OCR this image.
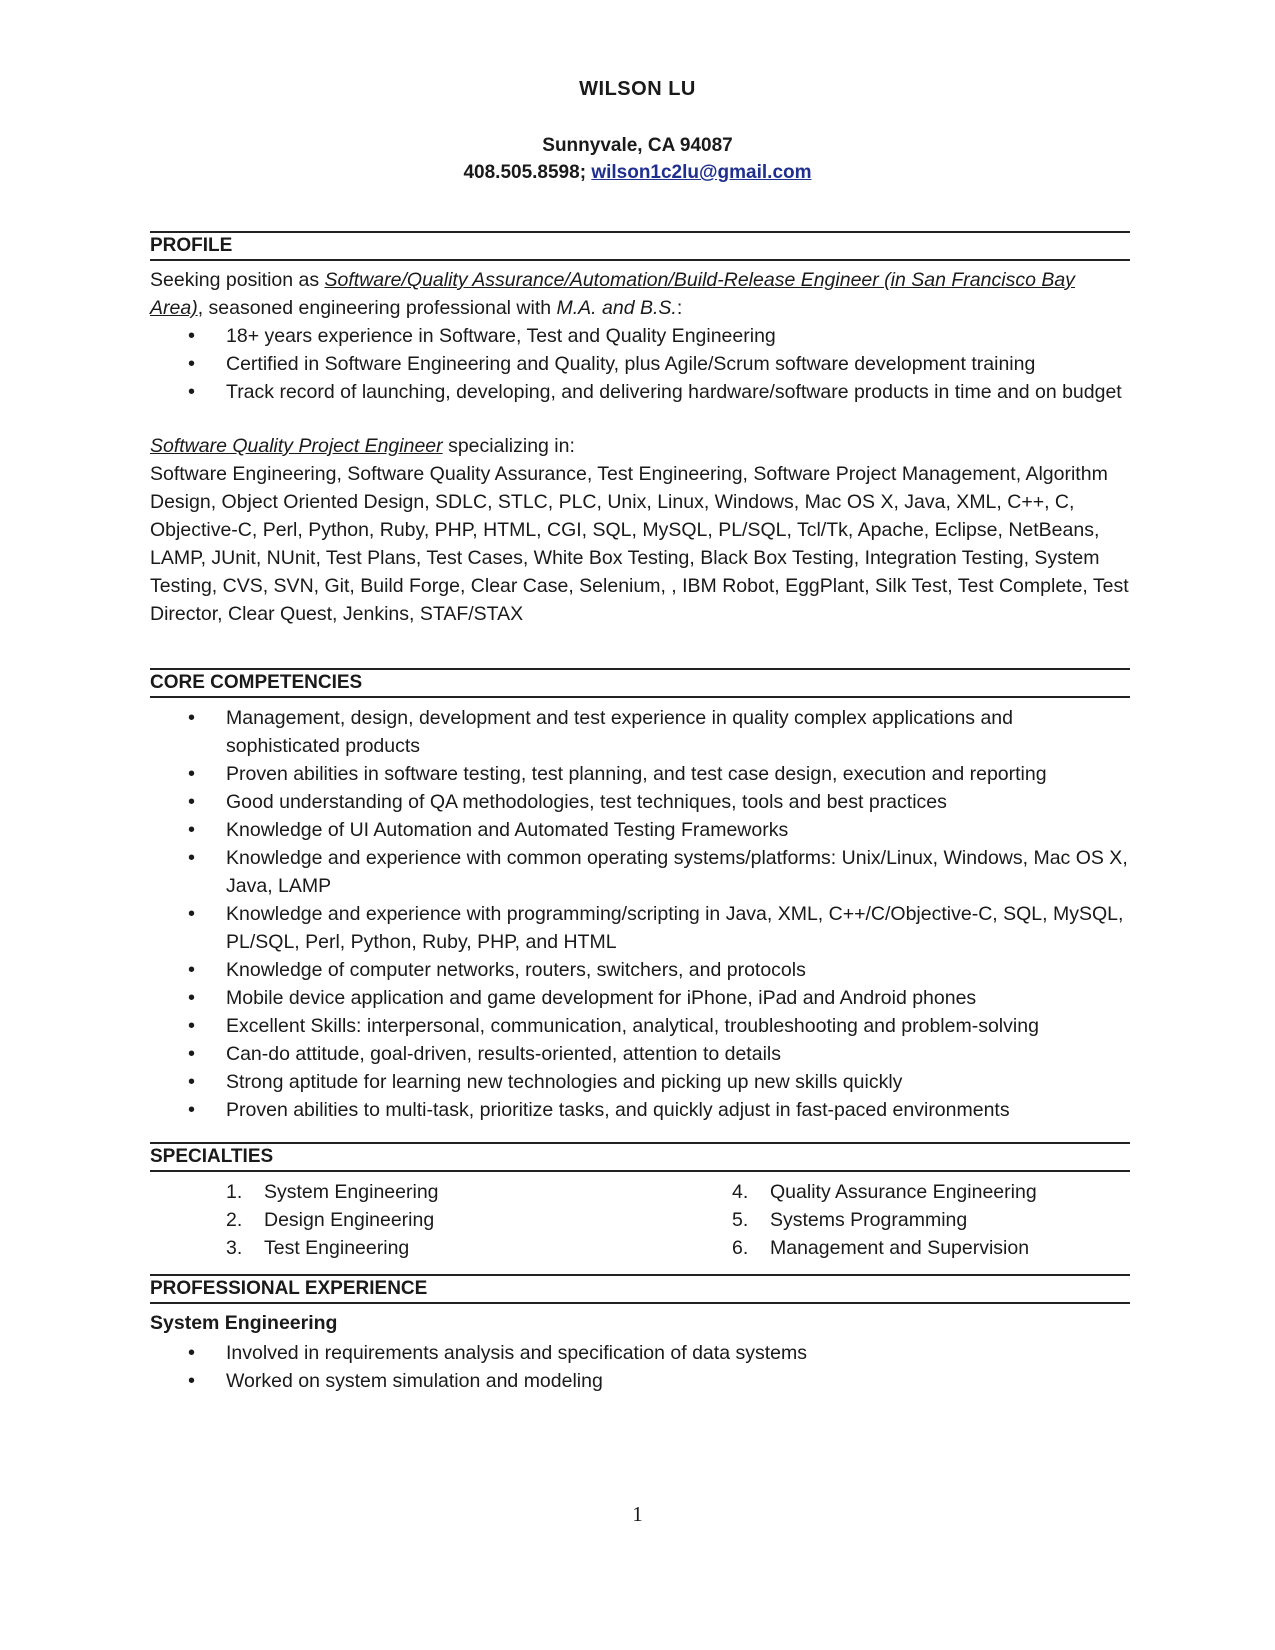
WILSON LU
Sunnyvale, CA 94087
408.505.8598; wilson1c2lu@gmail.com
PROFILE
Seeking position as Software/Quality Assurance/Automation/Build-Release Engineer (in San Francisco Bay Area), seasoned engineering professional with M.A. and B.S.:
• 18+ years experience in Software, Test and Quality Engineering
• Certified in Software Engineering and Quality, plus Agile/Scrum software development training
• Track record of launching, developing, and delivering hardware/software products in time and on budget
Software Quality Project Engineer specializing in:
Software Engineering, Software Quality Assurance, Test Engineering, Software Project Management, Algorithm Design, Object Oriented Design, SDLC, STLC, PLC, Unix, Linux, Windows, Mac OS X, Java, XML, C++, C, Objective-C, Perl, Python, Ruby, PHP, HTML, CGI, SQL, MySQL, PL/SQL, Tcl/Tk, Apache, Eclipse, NetBeans, LAMP, JUnit, NUnit, Test Plans, Test Cases, White Box Testing, Black Box Testing, Integration Testing, System Testing, CVS, SVN, Git, Build Forge, Clear Case, Selenium, , IBM Robot, EggPlant, Silk Test, Test Complete, Test Director, Clear Quest, Jenkins, STAF/STAX
CORE COMPETENCIES
• Management, design, development and test experience in quality complex applications and sophisticated products
• Proven abilities in software testing, test planning, and test case design, execution and reporting
• Good understanding of QA methodologies, test techniques, tools and best practices
• Knowledge of UI Automation and Automated Testing Frameworks
• Knowledge and experience with common operating systems/platforms: Unix/Linux, Windows, Mac OS X, Java, LAMP
• Knowledge and experience with programming/scripting in Java, XML, C++/C/Objective-C, SQL, MySQL, PL/SQL, Perl, Python, Ruby, PHP, and HTML
• Knowledge of computer networks, routers, switchers, and protocols
• Mobile device application and game development for iPhone, iPad and Android phones
• Excellent Skills: interpersonal, communication, analytical, troubleshooting and problem-solving
• Can-do attitude, goal-driven, results-oriented, attention to details
• Strong aptitude for learning new technologies and picking up new skills quickly
• Proven abilities to multi-task, prioritize tasks, and quickly adjust in fast-paced environments
SPECIALTIES
1. System Engineering
2. Design Engineering
3. Test Engineering
4. Quality Assurance Engineering
5. Systems Programming
6. Management and Supervision
PROFESSIONAL EXPERIENCE
System Engineering
• Involved in requirements analysis and specification of data systems
• Worked on system simulation and modeling
1
